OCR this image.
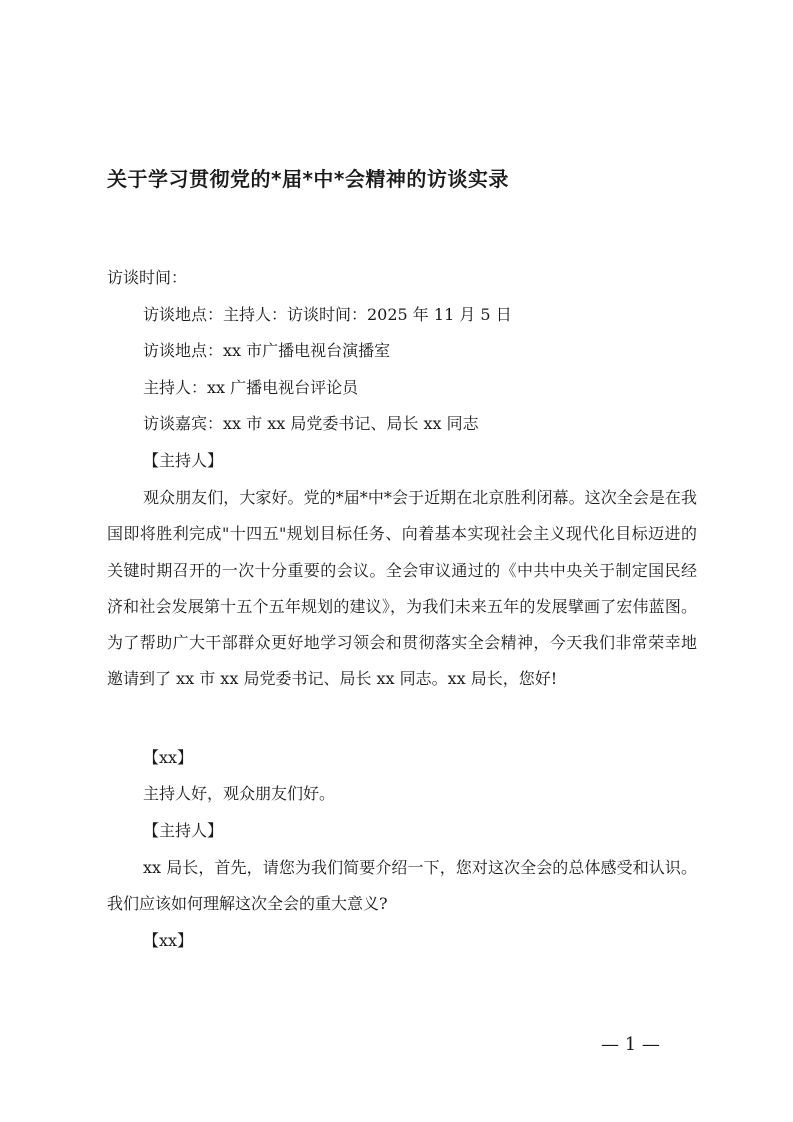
关于学习贯彻党的*届*中*会精神的访谈实录
访谈时间：
访谈地点：主持人：访谈时间：2025 年 11 月 5 日
访谈地点：xx 市广播电视台演播室
主持人：xx 广播电视台评论员
访谈嘉宾：xx 市 xx 局党委书记、局长 xx 同志
【主持人】
观众朋友们，大家好。党的*届*中*会于近期在北京胜利闭幕。这次全会是在我国即将胜利完成"十四五"规划目标任务、向着基本实现社会主义现代化目标迈进的关键时期召开的一次十分重要的会议。全会审议通过的《中共中央关于制定国民经济和社会发展第十五个五年规划的建议》，为我们未来五年的发展擘画了宏伟蓝图。为了帮助广大干部群众更好地学习领会和贯彻落实全会精神，今天我们非常荣幸地邀请到了 xx 市 xx 局党委书记、局长 xx 同志。xx 局长，您好!
【xx】
主持人好，观众朋友们好。
【主持人】
xx 局长，首先，请您为我们简要介绍一下，您对这次全会的总体感受和认识。我们应该如何理解这次全会的重大意义?
【xx】
— 1 —
